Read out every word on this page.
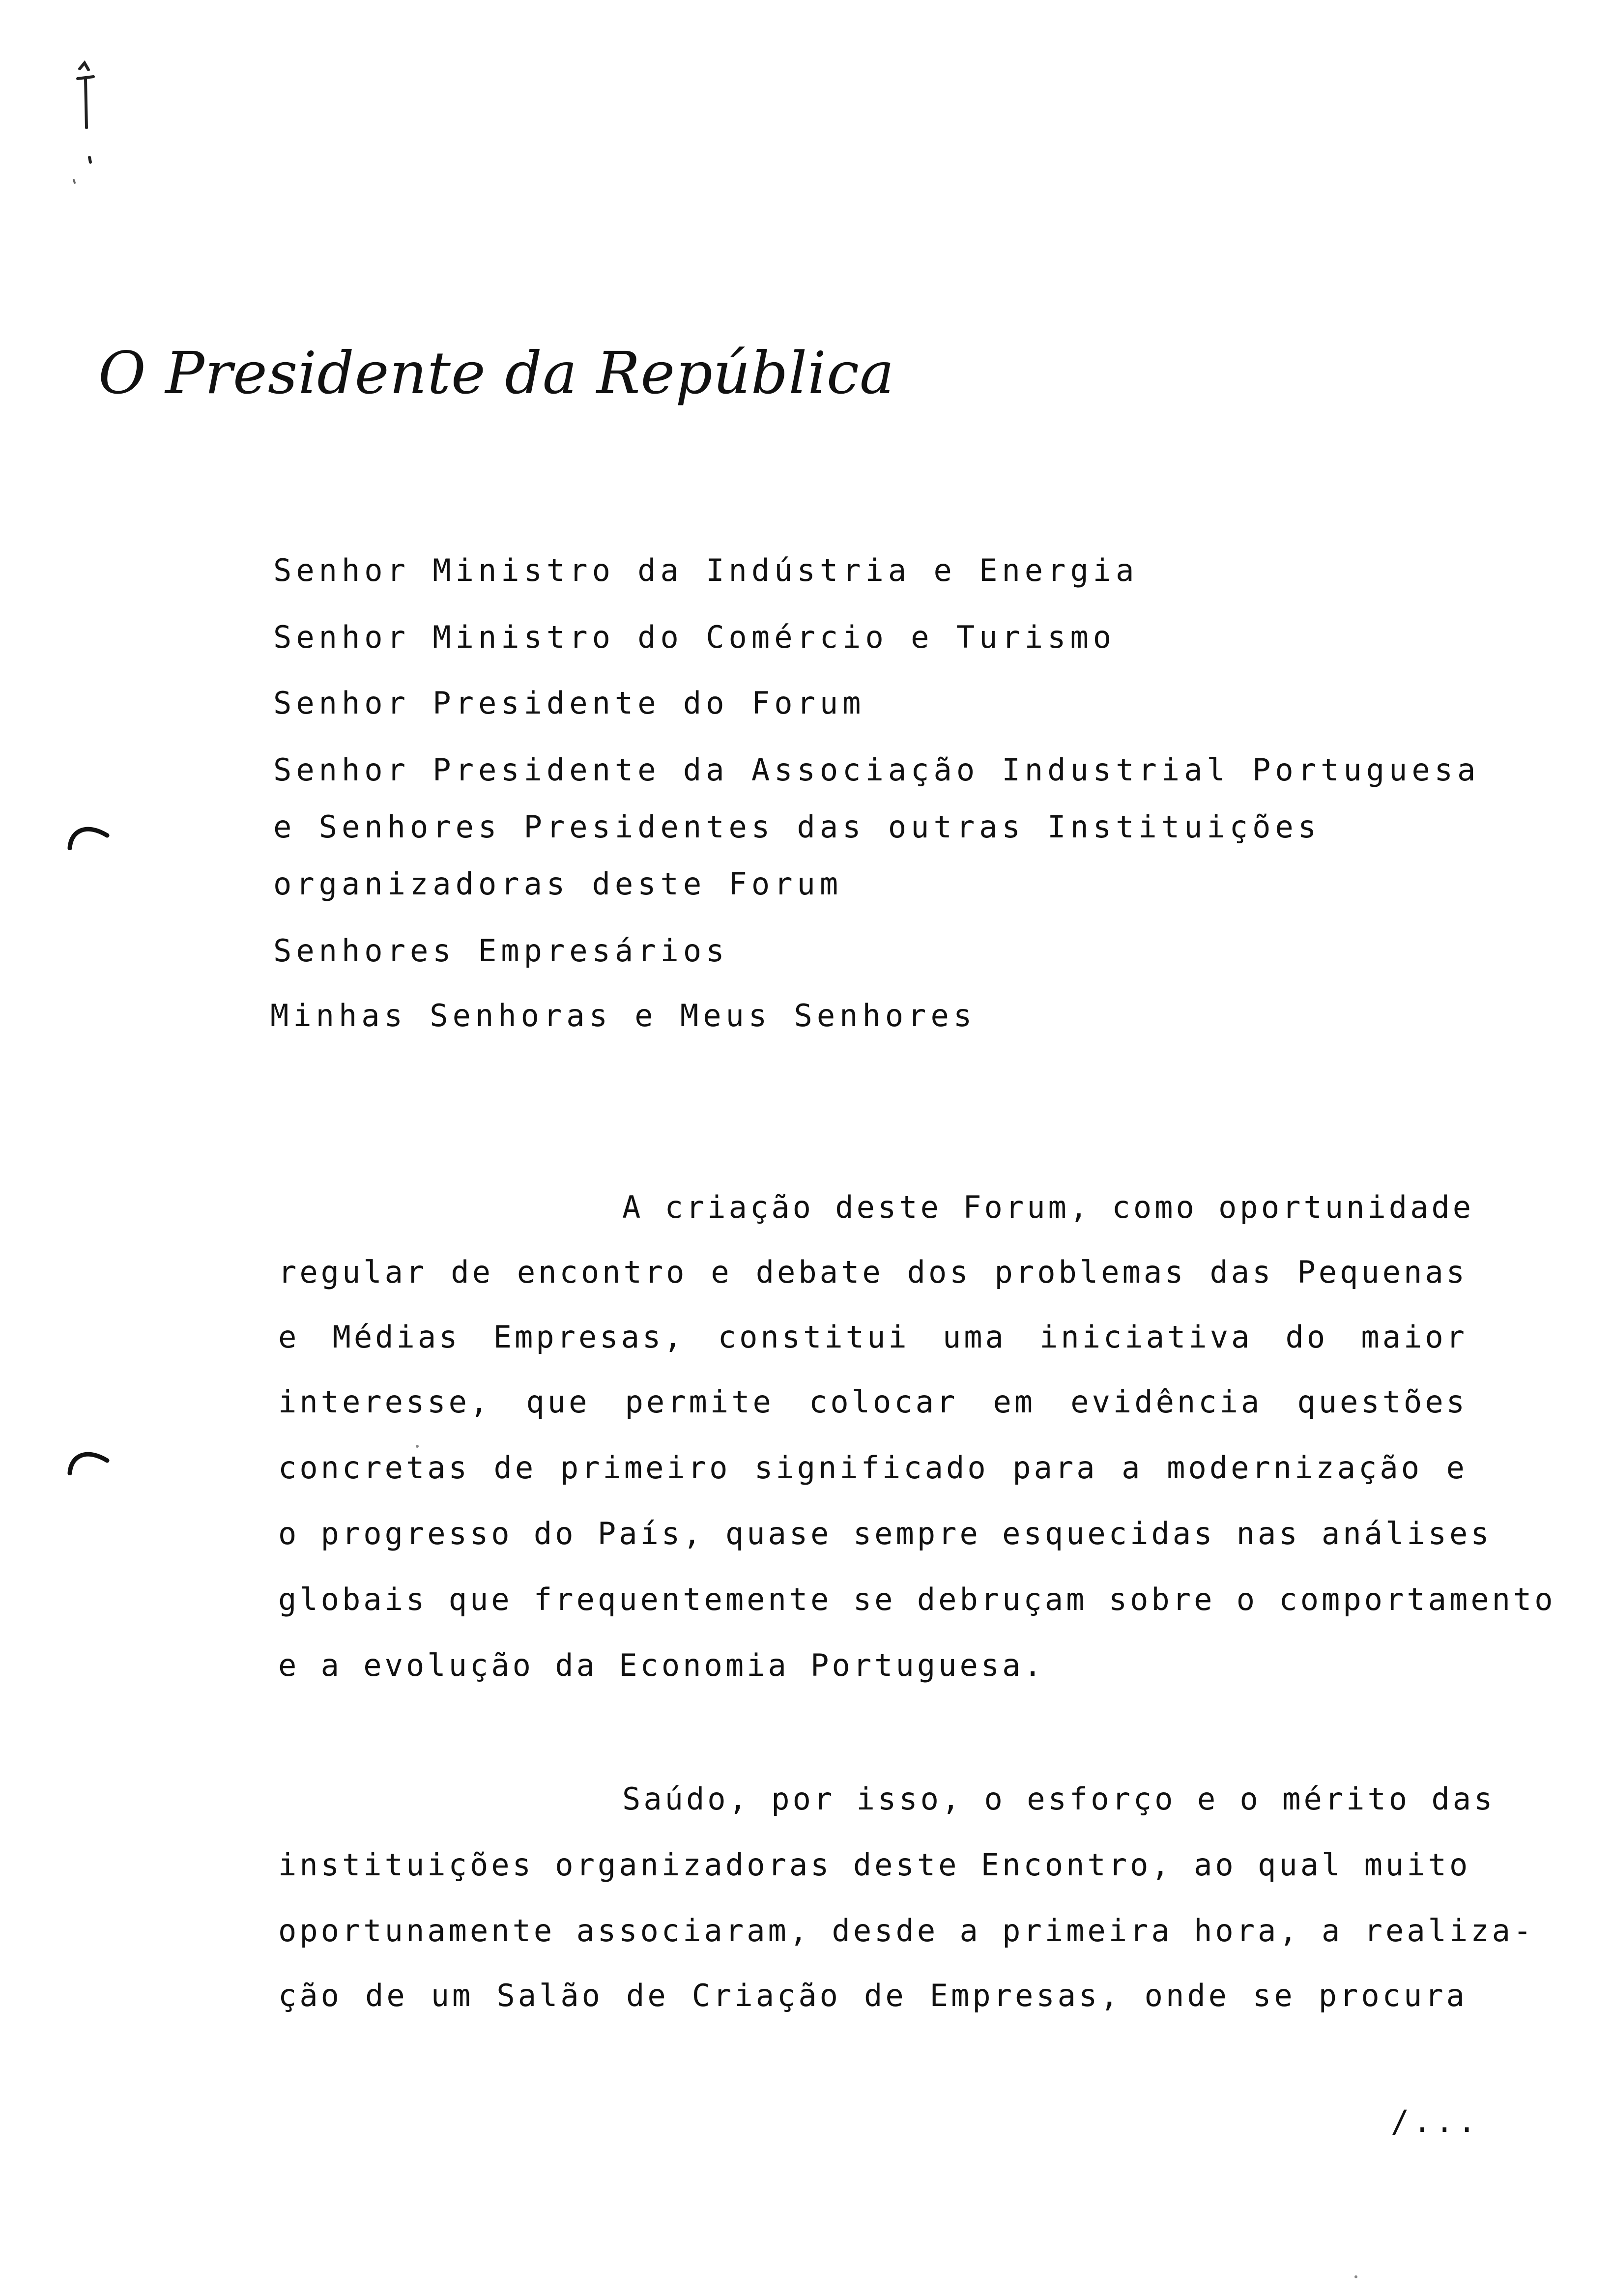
O Presidente da República
Senhor Ministro da Indústria e Energia
Senhor Ministro do Comércio e Turismo
Senhor Presidente do Forum
Senhor Presidente da Associação Industrial Portuguesa
e Senhores Presidentes das outras Instituições
organizadoras deste Forum
Senhores Empresários
Minhas Senhoras e Meus Senhores
A criação deste Forum, como oportunidade
regular de encontro e debate dos problemas das Pequenas
e Médias Empresas, constitui uma iniciativa do maior
interesse, que permite colocar em evidência questões
concretas de primeiro significado para a modernização e
o progresso do País, quase sempre esquecidas nas análises
globais que frequentemente se debruçam sobre o comportamento
e a evolução da Economia Portuguesa.
Saúdo, por isso, o esforço e o mérito das
instituições organizadoras deste Encontro, ao qual muito
oportunamente associaram, desde a primeira hora, a realiza-
ção de um Salão de Criação de Empresas, onde se procura
/...
